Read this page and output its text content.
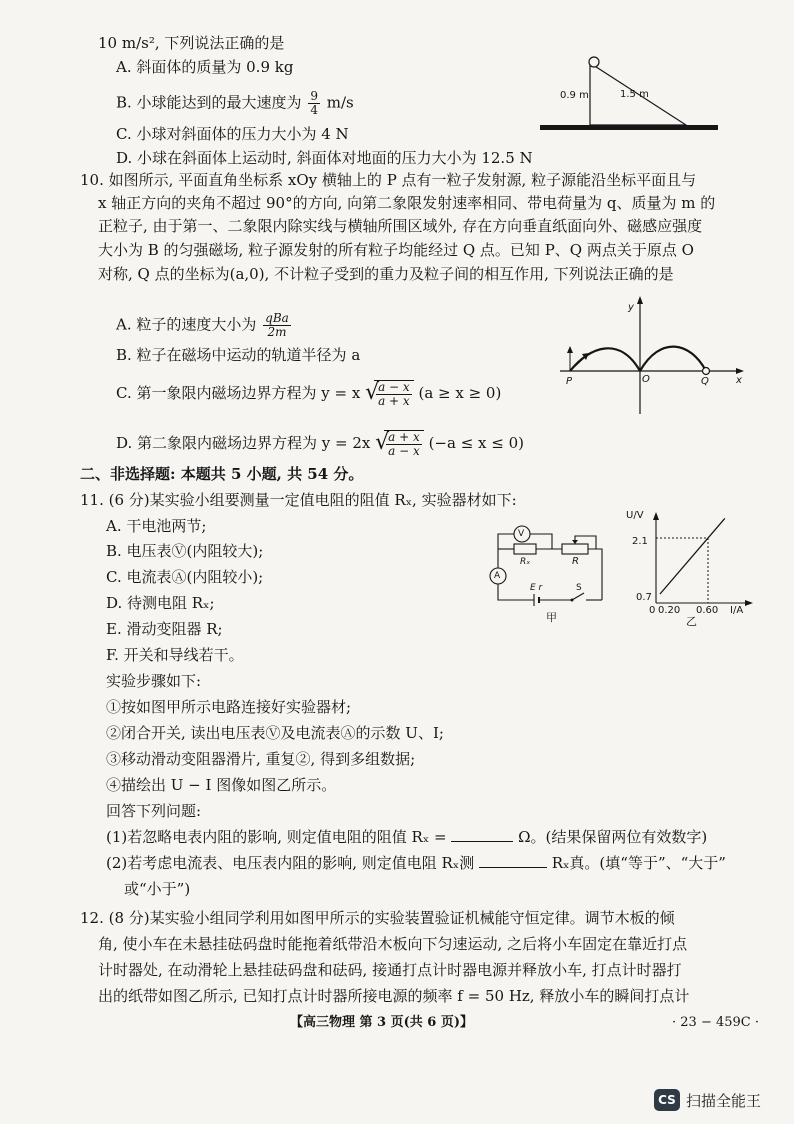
10 m/s², 下列说法正确的是
A. 斜面体的质量为 0.9 kg
B. 小球能达到的最大速度为 $\frac{9}{4} m/s$
C. 小球对斜面体的压力大小为 4 N
D. 小球在斜面体上运动时, 斜面体对地面的压力大小为 12.5 N
0.9 m	1.5 m
10. 如图所示, 平面直角坐标系 xOy 横轴上的 P 点有一粒子发射源, 粒子源能沿坐标平面且与
x 轴正方向的夹角不超过 90°的方向, 向第二象限发射速率相同、带电荷量为 q、质量为 m 的
正粒子, 由于第一、二象限内除实线与横轴所围区域外, 存在方向垂直纸面向外、磁感应强度
大小为 B 的匀强磁场, 粒子源发射的所有粒子均能经过 Q 点。已知 P、Q 两点关于原点 O
对称, Q 点的坐标为(a,0), 不计粒子受到的重力及粒子间的相互作用, 下列说法正确的是
A. 粒子的速度大小为 $\frac{\text{qBa}}{2m}$
B. 粒子在磁场中运动的轨道半径为 a
C. 第一象限内磁场边界方程为 y = x √
$\frac{a - x}{a + x} (a \ge x \ge 0)$
D. 第二象限内磁场边界方程为 y = 2x √
$\frac{a + x}{a - x} (-a \le x \le 0)$
y
x
P	O	Q
二、非选择题: 本题共 5 小题, 共 54 分。
11. (6 分)某实验小组要测量一定值电阻的阻值 Rₓ, 实验器材如下:
A. 干电池两节;
B. 电压表Ⓥ(内阻较大);
C. 电流表Ⓐ(内阻较小);
D. 待测电阻 Rₓ;
E. 滑动变阻器 R;
F. 开关和导线若干。
实验步骤如下:
①按如图甲所示电路连接好实验器材;
②闭合开关, 读出电压表Ⓥ及电流表Ⓐ的示数 U、I;
③移动滑动变阻器滑片, 重复②, 得到多组数据;
④描绘出 U − I 图像如图乙所示。
回答下列问题:
(1)若忽略电表内阻的影响, 则定值电阻的阻值 Rₓ =	Ω。(结果保留两位有效数字)
(2)若考虑电流表、电压表内阻的影响, 则定值电阻 Rₓ测	Rₓ真。(填“等于”、“大于”
或“小于”)
V
A
Rₓ	R
E r	S
甲
U/V
I/A
2.1
0.7
0 0.20 0.60
乙
12. (8 分)某实验小组同学利用如图甲所示的实验装置验证机械能守恒定律。调节木板的倾
角, 使小车在未悬挂砝码盘时能拖着纸带沿木板向下匀速运动, 之后将小车固定在靠近打点
计时器处, 在动滑轮上悬挂砝码盘和砝码, 接通打点计时器电源并释放小车, 打点计时器打
出的纸带如图乙所示, 已知打点计时器所接电源的频率 f = 50 Hz, 释放小车的瞬间打点计
【高三物理 第 3 页(共 6 页)】	· 23 − 459C ·
CS 扫描全能王
